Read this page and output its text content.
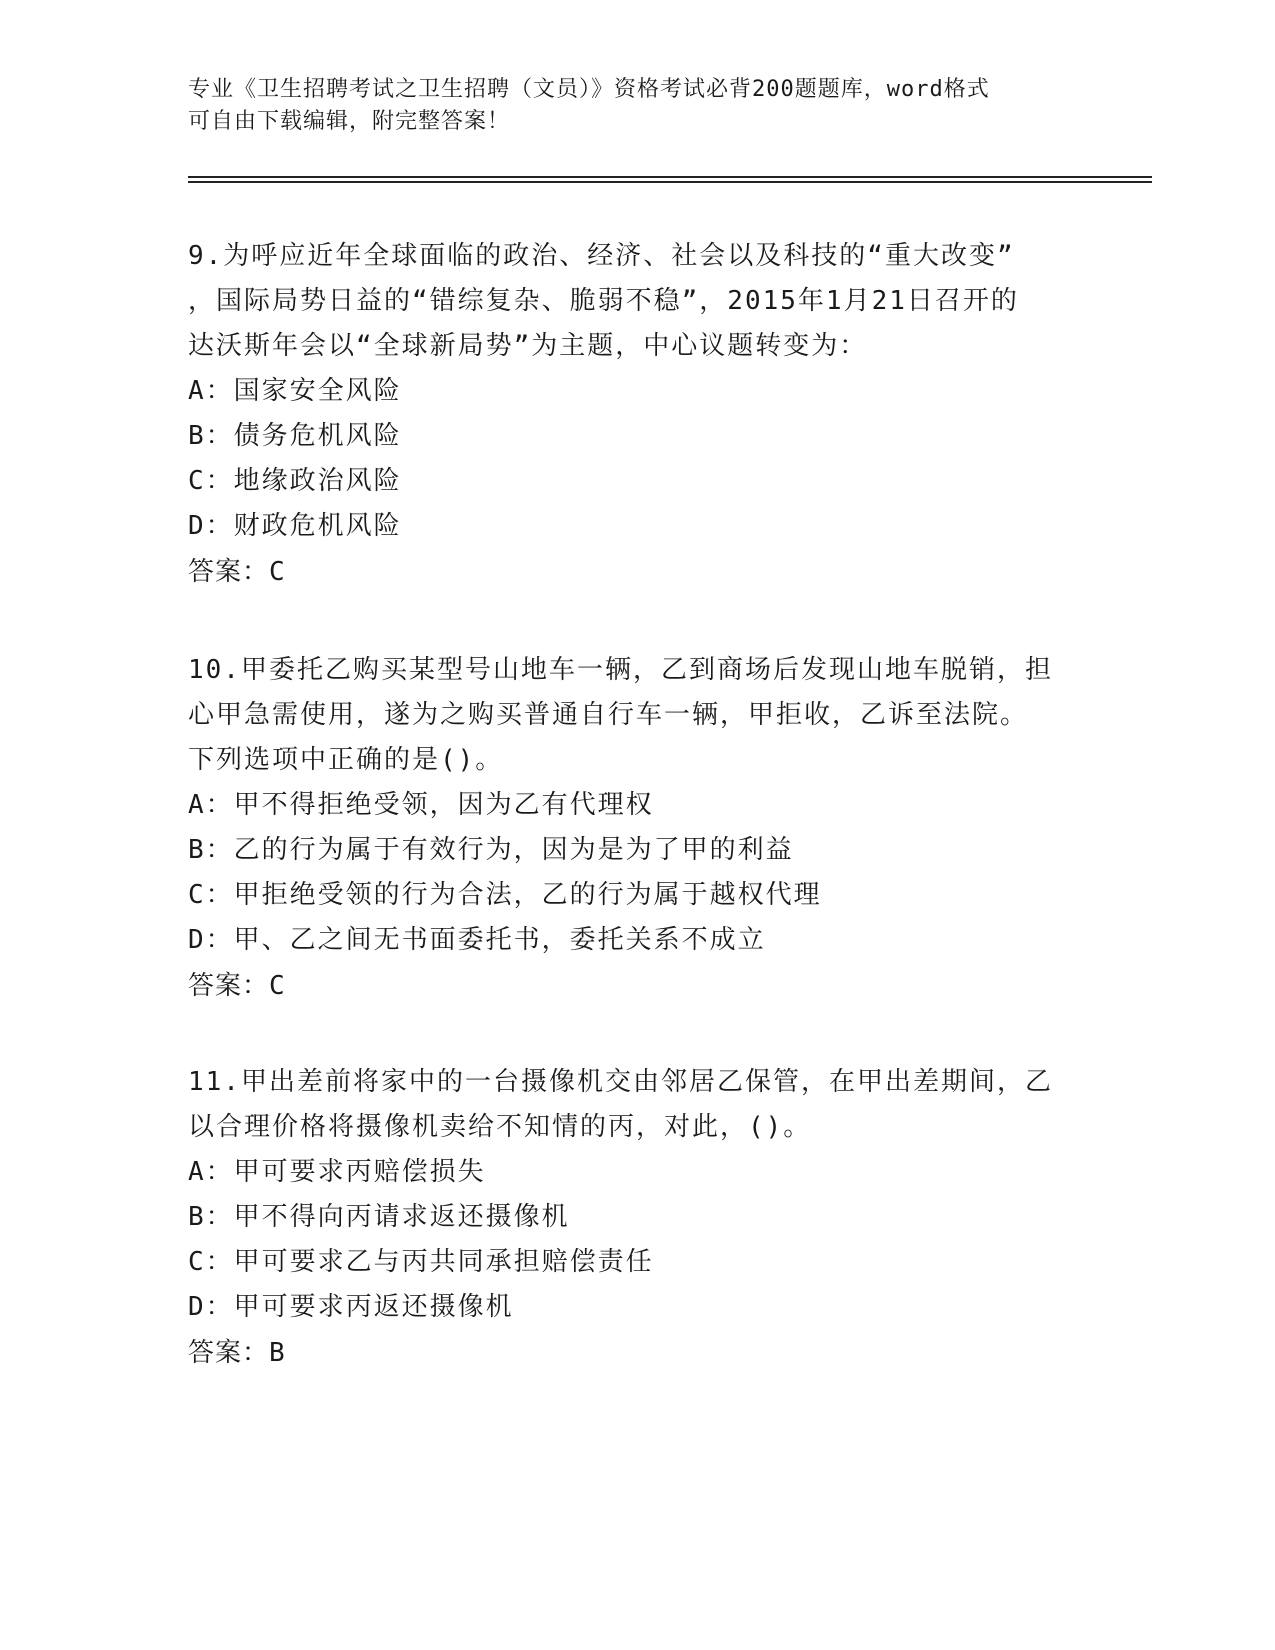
专业《卫生招聘考试之卫生招聘（文员）》资格考试必背200题题库，word格式
可自由下载编辑，附完整答案！
9.为呼应近年全球面临的政治、经济、社会以及科技的“重大改变”
，国际局势日益的“错综复杂、脆弱不稳”，2015年1月21日召开的
达沃斯年会以“全球新局势”为主题，中心议题转变为：
A：国家安全风险
B：债务危机风险
C：地缘政治风险
D：财政危机风险
答案：C
10.甲委托乙购买某型号山地车一辆，乙到商场后发现山地车脱销，担
心甲急需使用，遂为之购买普通自行车一辆，甲拒收，乙诉至法院。
下列选项中正确的是()。
A：甲不得拒绝受领，因为乙有代理权
B：乙的行为属于有效行为，因为是为了甲的利益
C：甲拒绝受领的行为合法，乙的行为属于越权代理
D：甲、乙之间无书面委托书，委托关系不成立
答案：C
11.甲出差前将家中的一台摄像机交由邻居乙保管，在甲出差期间，乙
以合理价格将摄像机卖给不知情的丙，对此，()。
A：甲可要求丙赔偿损失
B：甲不得向丙请求返还摄像机
C：甲可要求乙与丙共同承担赔偿责任
D：甲可要求丙返还摄像机
答案：B
